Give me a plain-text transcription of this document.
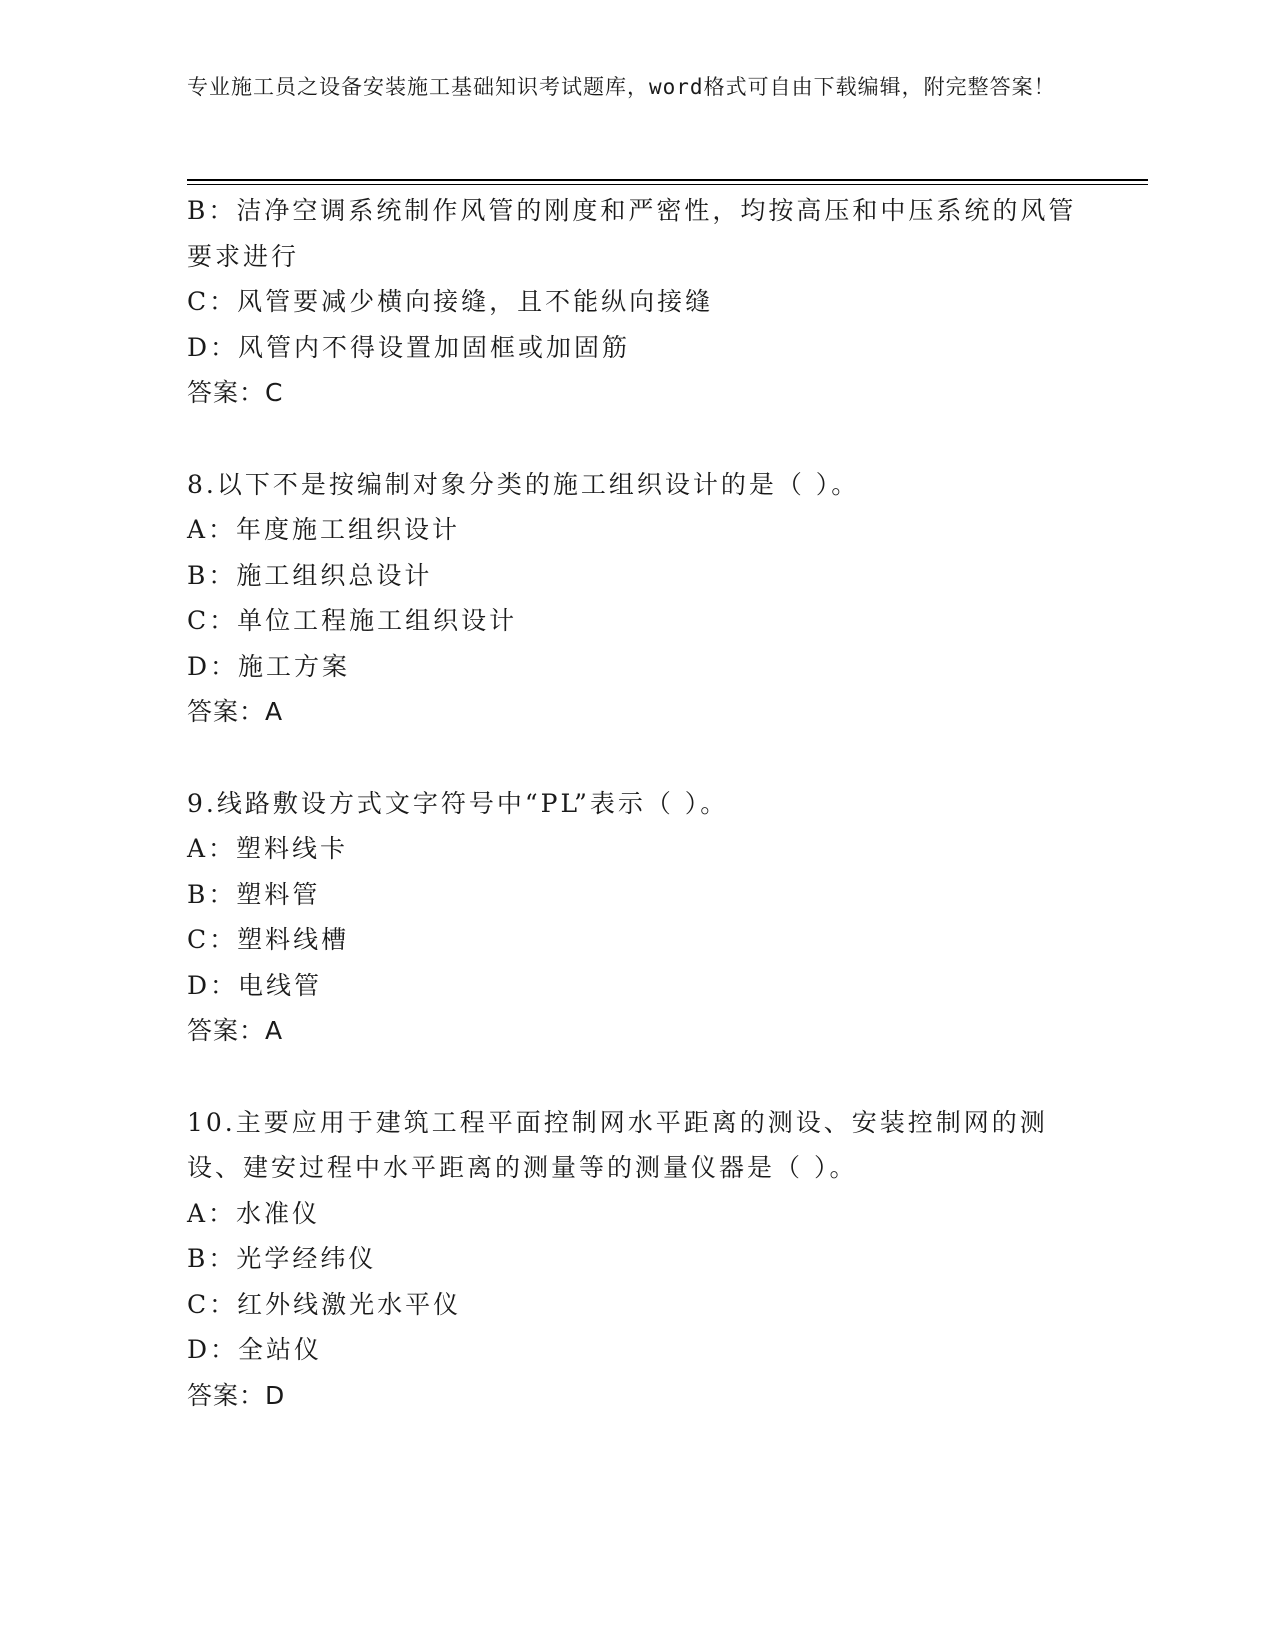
专业施工员之设备安装施工基础知识考试题库，word格式可自由下载编辑，附完整答案！
B：洁净空调系统制作风管的刚度和严密性，均按高压和中压系统的风管要求进行
C：风管要减少横向接缝，且不能纵向接缝
D：风管内不得设置加固框或加固筋
答案：C
8.以下不是按编制对象分类的施工组织设计的是（ ）。
A：年度施工组织设计
B：施工组织总设计
C：单位工程施工组织设计
D：施工方案
答案：A
9.线路敷设方式文字符号中“PL”表示（ ）。
A：塑料线卡
B：塑料管
C：塑料线槽
D：电线管
答案：A
10.主要应用于建筑工程平面控制网水平距离的测设、安装控制网的测设、建安过程中水平距离的测量等的测量仪器是（ ）。
A：水准仪
B：光学经纬仪
C：红外线激光水平仪
D：全站仪
答案：D
